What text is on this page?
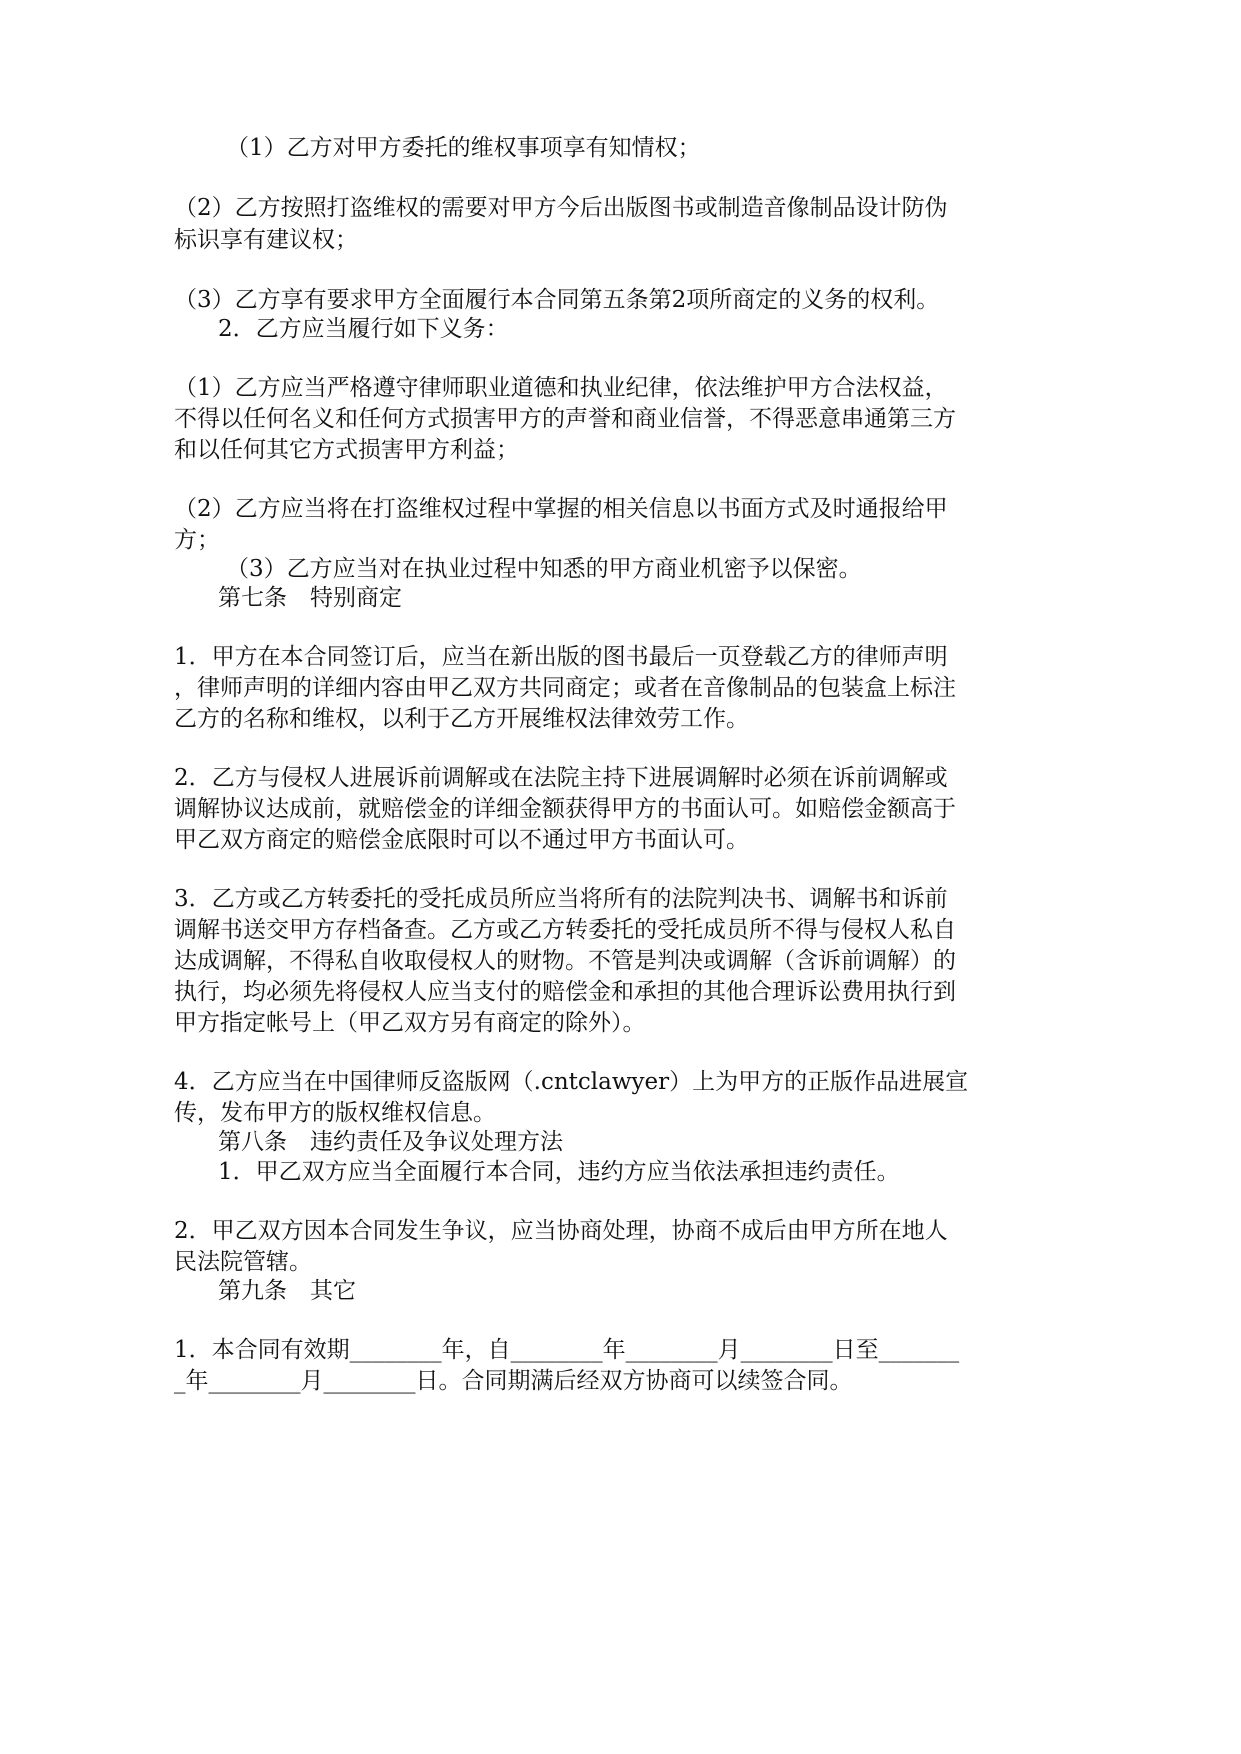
（1）乙方对甲方委托的维权事项享有知情权；

（2）乙方按照打盗维权的需要对甲方今后出版图书或制造音像制品设计防伪

标识享有建议权；

（3）乙方享有要求甲方全面履行本合同第五条第2项所商定的义务的权利。

2．乙方应当履行如下义务：

（1）乙方应当严格遵守律师职业道德和执业纪律，依法维护甲方合法权益，

不得以任何名义和任何方式损害甲方的声誉和商业信誉，不得恶意串通第三方

和以任何其它方式损害甲方利益；

（2）乙方应当将在打盗维权过程中掌握的相关信息以书面方式及时通报给甲

方；

（3）乙方应当对在执业过程中知悉的甲方商业机密予以保密。

第七条　特别商定

1．甲方在本合同签订后，应当在新出版的图书最后一页登载乙方的律师声明

，律师声明的详细内容由甲乙双方共同商定；或者在音像制品的包装盒上标注

乙方的名称和维权，以利于乙方开展维权法律效劳工作。

2．乙方与侵权人进展诉前调解或在法院主持下进展调解时必须在诉前调解或

调解协议达成前，就赔偿金的详细金额获得甲方的书面认可。如赔偿金额高于

甲乙双方商定的赔偿金底限时可以不通过甲方书面认可。

3．乙方或乙方转委托的受托成员所应当将所有的法院判决书、调解书和诉前

调解书送交甲方存档备查。乙方或乙方转委托的受托成员所不得与侵权人私自

达成调解，不得私自收取侵权人的财物。不管是判决或调解（含诉前调解）的

执行，均必须先将侵权人应当支付的赔偿金和承担的其他合理诉讼费用执行到

甲方指定帐号上（甲乙双方另有商定的除外）。

4．乙方应当在中国律师反盗版网（.cntclawyer）上为甲方的正版作品进展宣

传，发布甲方的版权维权信息。

第八条　违约责任及争议处理方法

1．甲乙双方应当全面履行本合同，违约方应当依法承担违约责任。

2．甲乙双方因本合同发生争议，应当协商处理，协商不成后由甲方所在地人

民法院管辖。

第九条　其它

1．本合同有效期________年，自________年________月________日至_______

_年________月________日。合同期满后经双方协商可以续签合同。
